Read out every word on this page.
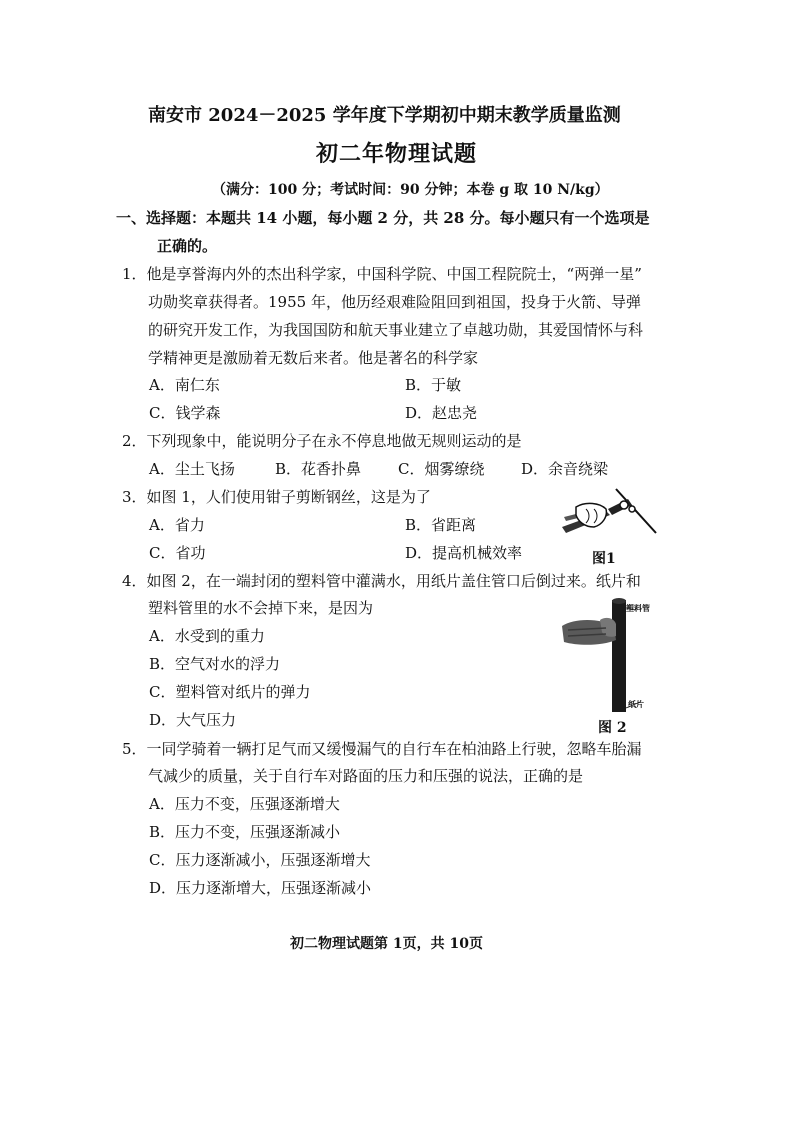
南安市 2024－2025 学年度下学期初中期末教学质量监测
初二年物理试题
（满分：100 分；考试时间：90 分钟；本卷 g 取 10 N/kg）
一、选择题：本题共 14 小题，每小题 2 分，共 28 分。每小题只有一个选项是
正确的。
1．他是享誉海内外的杰出科学家，中国科学院、中国工程院院士，“两弹一星”
功勋奖章获得者。1955 年，他历经艰难险阻回到祖国，投身于火箭、导弹
的研究开发工作，为我国国防和航天事业建立了卓越功勋，其爱国情怀与科
学精神更是激励着无数后来者。他是著名的科学家
A．南仁东	B．于敏
C．钱学森	D．赵忠尧
2．下列现象中，能说明分子在永不停息地做无规则运动的是
A．尘土飞扬	B．花香扑鼻 C．烟雾缭绕 D．余音绕梁
3．如图 1，人们使用钳子剪断钢丝，这是为了
A．省力	B．省距离
C．省功	D．提高机械效率	图1
4．如图 2，在一端封闭的塑料管中灌满水，用纸片盖住管口后倒过来。纸片和
塑料管里的水不会掉下来，是因为
A．水受到的重力
B．空气对水的浮力
C．塑料管对纸片的弹力
D．大气压力
塑料管
纸片
图 2
5．一同学骑着一辆打足气而又缓慢漏气的自行车在柏油路上行驶，忽略车胎漏
气减少的质量，关于自行车对路面的压力和压强的说法，正确的是
A．压力不变，压强逐渐增大
B．压力不变，压强逐渐减小
C．压力逐渐减小，压强逐渐增大
D．压力逐渐增大，压强逐渐减小
初二物理试题第 1页，共 10页
